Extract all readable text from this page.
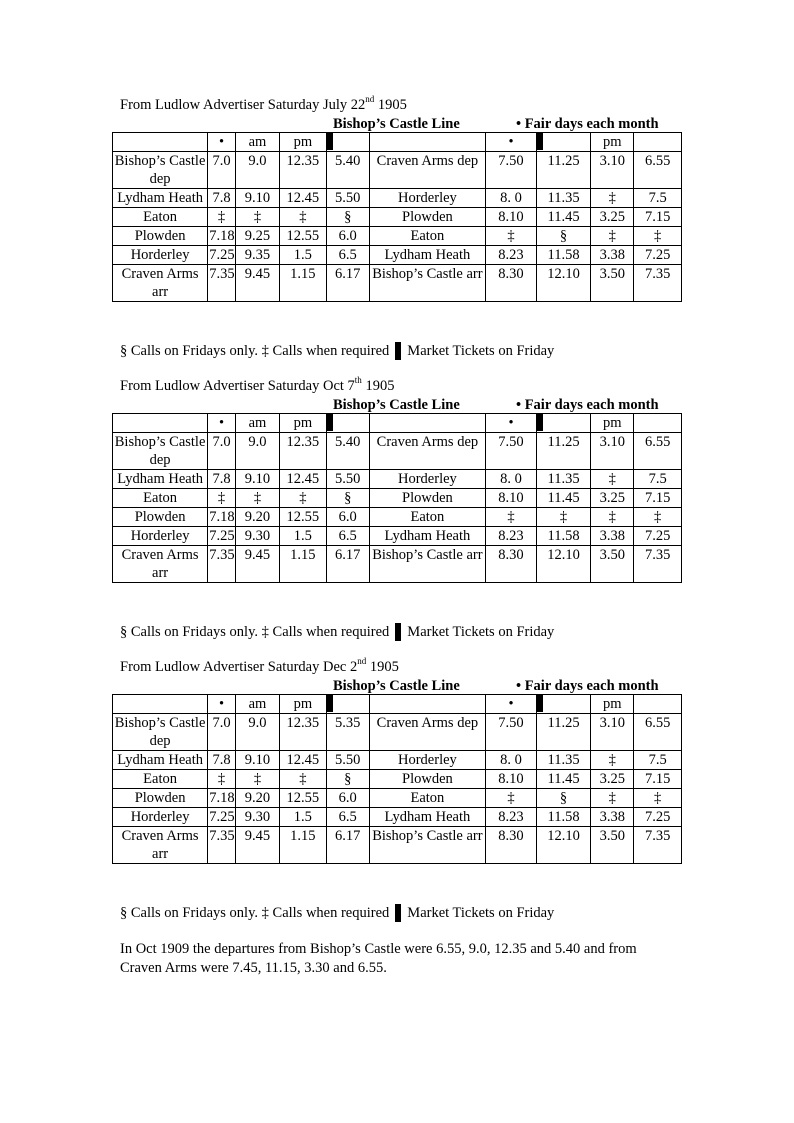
From Ludlow Advertiser Saturday July 22nd 1905
Bishop’s Castle Line	• Fair days each month
	•	am	pm			•		pm	
Bishop’s Castle dep	7.0	9.0	12.35	5.40	Craven Arms dep	7.50	11.25	3.10	6.55
Lydham Heath	7.8	9.10	12.45	5.50	Horderley	8. 0	11.35	‡	7.5
Eaton	‡	‡	‡	§	Plowden	8.10	11.45	3.25	7.15
Plowden	7.18	9.25	12.55	6.0	Eaton	‡	§	‡	‡
Horderley	7.25	9.35	1.5	6.5	Lydham Heath	8.23	11.58	3.38	7.25
Craven Arms arr	7.35	9.45	1.15	6.17	Bishop’s Castle arr	8.30	12.10	3.50	7.35
§ Calls on Fridays only. ‡ Calls when required Market Tickets on Friday
From Ludlow Advertiser Saturday Oct 7th 1905
Bishop’s Castle Line	• Fair days each month
	•	am	pm			•		pm	
Bishop’s Castle dep	7.0	9.0	12.35	5.40	Craven Arms dep	7.50	11.25	3.10	6.55
Lydham Heath	7.8	9.10	12.45	5.50	Horderley	8. 0	11.35	‡	7.5
Eaton	‡	‡	‡	§	Plowden	8.10	11.45	3.25	7.15
Plowden	7.18	9.20	12.55	6.0	Eaton	‡	‡	‡	‡
Horderley	7.25	9.30	1.5	6.5	Lydham Heath	8.23	11.58	3.38	7.25
Craven Arms arr	7.35	9.45	1.15	6.17	Bishop’s Castle arr	8.30	12.10	3.50	7.35
§ Calls on Fridays only. ‡ Calls when required Market Tickets on Friday
From Ludlow Advertiser Saturday Dec 2nd 1905
Bishop’s Castle Line	• Fair days each month
	•	am	pm			•		pm	
Bishop’s Castle dep	7.0	9.0	12.35	5.35	Craven Arms dep	7.50	11.25	3.10	6.55
Lydham Heath	7.8	9.10	12.45	5.50	Horderley	8. 0	11.35	‡	7.5
Eaton	‡	‡	‡	§	Plowden	8.10	11.45	3.25	7.15
Plowden	7.18	9.20	12.55	6.0	Eaton	‡	§	‡	‡
Horderley	7.25	9.30	1.5	6.5	Lydham Heath	8.23	11.58	3.38	7.25
Craven Arms arr	7.35	9.45	1.15	6.17	Bishop’s Castle arr	8.30	12.10	3.50	7.35
§ Calls on Fridays only. ‡ Calls when required Market Tickets on Friday
In Oct 1909 the departures from Bishop’s Castle were 6.55, 9.0, 12.35 and 5.40 and from Craven Arms were 7.45, 11.15, 3.30 and 6.55.
